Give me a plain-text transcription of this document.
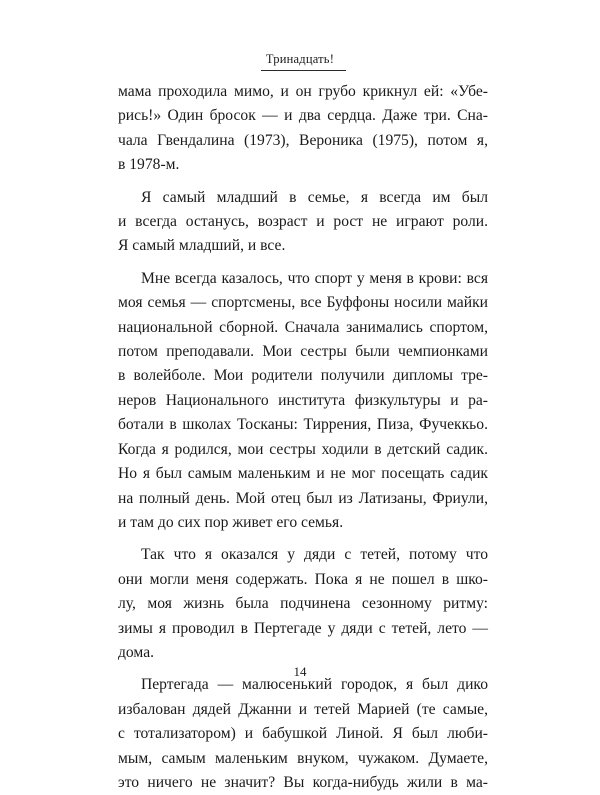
Тринадцать!
мама проходила мимо, и он грубо крикнул ей: «Убе-
рись!» Один бросок — и два сердца. Даже три. Сна-
чала Гвендалина (1973), Вероника (1975), потом я,
в 1978-м.
Я самый младший в семье, я всегда им был
и всегда останусь, возраст и рост не играют роли.
Я самый младший, и все.
Мне всегда казалось, что спорт у меня в крови: вся
моя семья — спортсмены, все Буффоны носили майки
национальной сборной. Сначала занимались спортом,
потом преподавали. Мои сестры были чемпионками
в волейболе. Мои родители получили дипломы тре-
неров Национального института физкультуры и ра-
ботали в школах Тосканы: Тиррения, Пиза, Фучеккьо.
Когда я родился, мои сестры ходили в детский садик.
Но я был самым маленьким и не мог посещать садик
на полный день. Мой отец был из Латизаны, Фриули,
и там до сих пор живет его семья.
Так что я оказался у дяди с тетей, потому что
они могли меня содержать. Пока я не пошел в шко-
лу, моя жизнь была подчинена сезонному ритму:
зимы я проводил в Пертегаде у дяди с тетей, лето —
дома.
Пертегада — малюсенький городок, я был дико
избалован дядей Джанни и тетей Марией (те самые,
с тотализатором) и бабушкой Линой. Я был люби-
мым, самым маленьким внуком, чужаком. Думаете,
это ничего не значит? Вы когда-нибудь жили в ма-
14
